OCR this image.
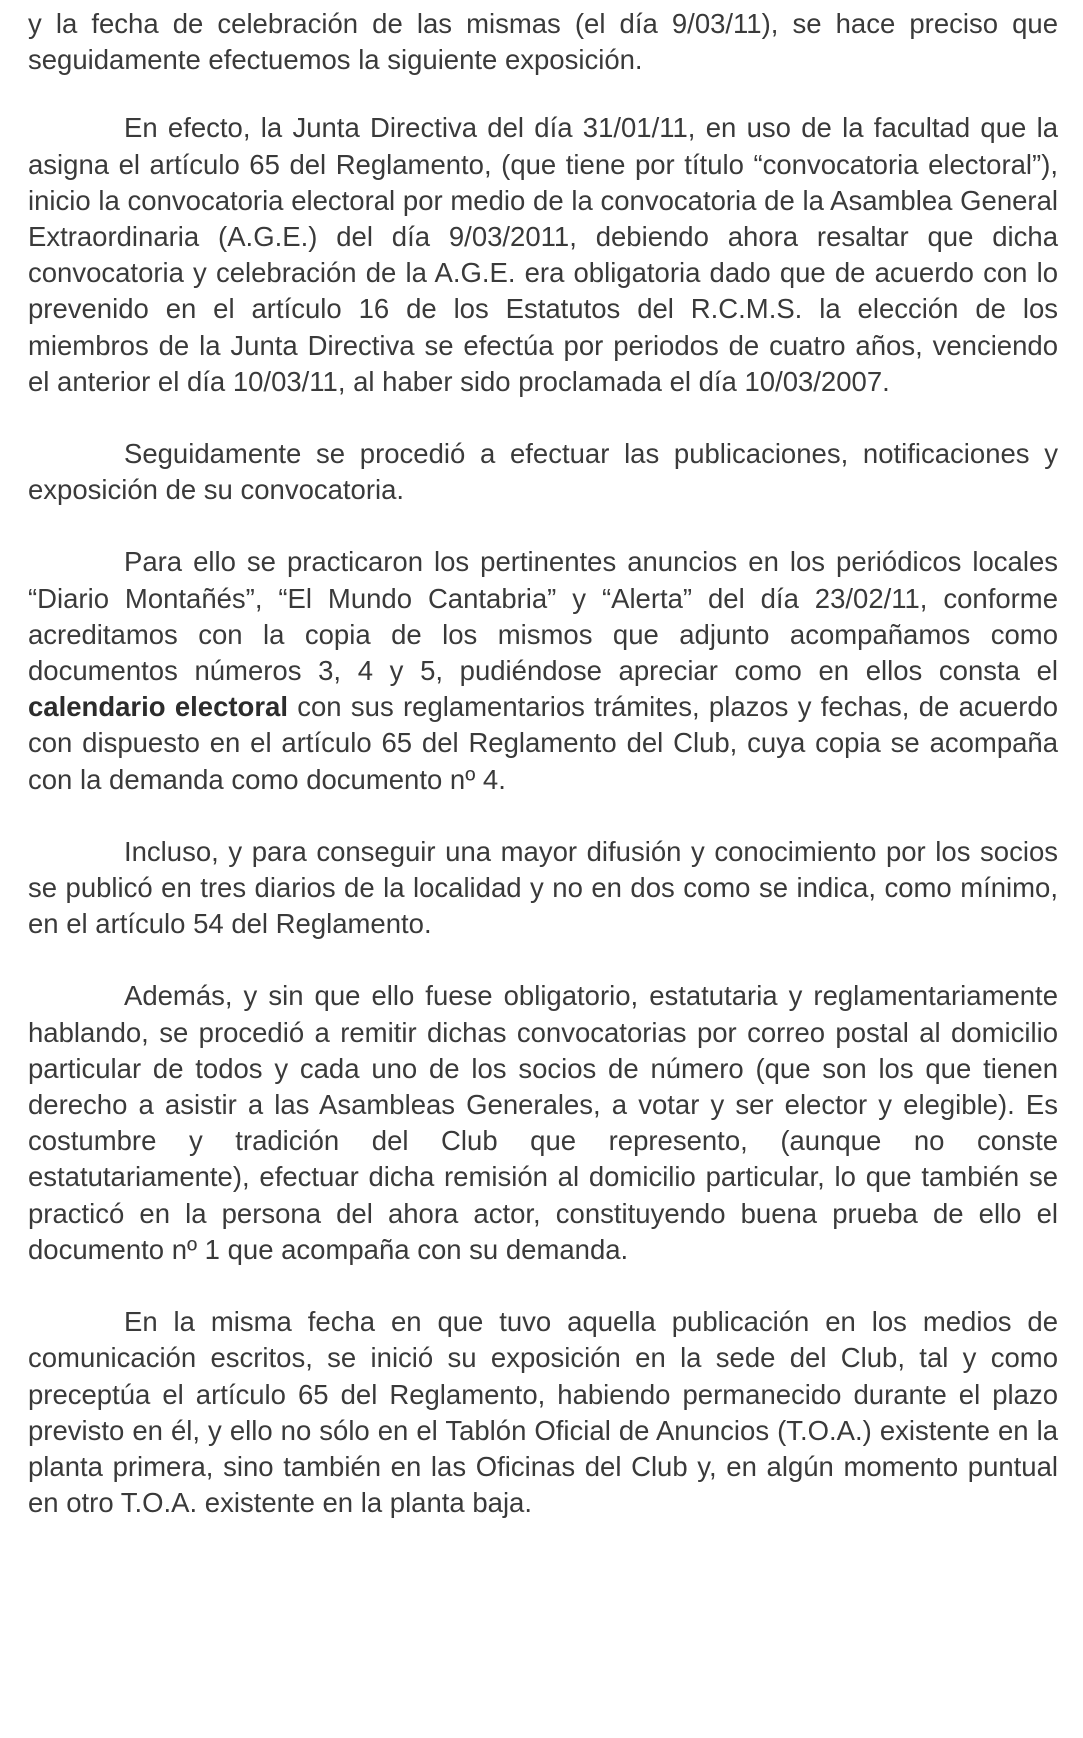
y la fecha de celebración de las mismas (el día 9/03/11), se hace preciso que seguidamente efectuemos la siguiente exposición.

En efecto, la Junta Directiva del día 31/01/11, en uso de la facultad que la asigna el artículo 65 del Reglamento, (que tiene por título “convocatoria electoral”), inicio la convocatoria electoral por medio de la convocatoria de la Asamblea General Extraordinaria (A.G.E.) del día 9/03/2011, debiendo ahora resaltar que dicha convocatoria y celebración de la A.G.E. era obligatoria dado que de acuerdo con lo prevenido en el artículo 16 de los Estatutos del R.C.M.S. la elección de los miembros de la Junta Directiva se efectúa por periodos de cuatro años, venciendo el anterior el día 10/03/11, al haber sido proclamada el día 10/03/2007.

Seguidamente se procedió a efectuar las publicaciones, notificaciones y exposición de su convocatoria.

Para ello se practicaron los pertinentes anuncios en los periódicos locales “Diario Montañés”, “El Mundo Cantabria” y “Alerta” del día 23/02/11, conforme acreditamos con la copia de los mismos que adjunto acompañamos como documentos números 3, 4 y 5, pudiéndose apreciar como en ellos consta el calendario electoral con sus reglamentarios trámites, plazos y fechas, de acuerdo con dispuesto en el artículo 65 del Reglamento del Club, cuya copia se acompaña con la demanda como documento nº 4.

Incluso, y para conseguir una mayor difusión y conocimiento por los socios se publicó en tres diarios de la localidad y no en dos como se indica, como mínimo, en el artículo 54 del Reglamento.

Además, y sin que ello fuese obligatorio, estatutaria y reglamentariamente hablando, se procedió a remitir dichas convocatorias por correo postal al domicilio particular de todos y cada uno de los socios de número (que son los que tienen derecho a asistir a las Asambleas Generales, a votar y ser elector y elegible). Es costumbre y tradición del Club que represento, (aunque no conste estatutariamente), efectuar dicha remisión al domicilio particular, lo que también se practicó en la persona del ahora actor, constituyendo buena prueba de ello el documento nº 1 que acompaña con su demanda.

En la misma fecha en que tuvo aquella publicación en los medios de comunicación escritos, se inició su exposición en la sede del Club, tal y como preceptúa el artículo 65 del Reglamento, habiendo permanecido durante el plazo previsto en él, y ello no sólo en el Tablón Oficial de Anuncios (T.O.A.) existente en la planta primera, sino también en las Oficinas del Club y, en algún momento puntual en otro T.O.A. existente en la planta baja.
